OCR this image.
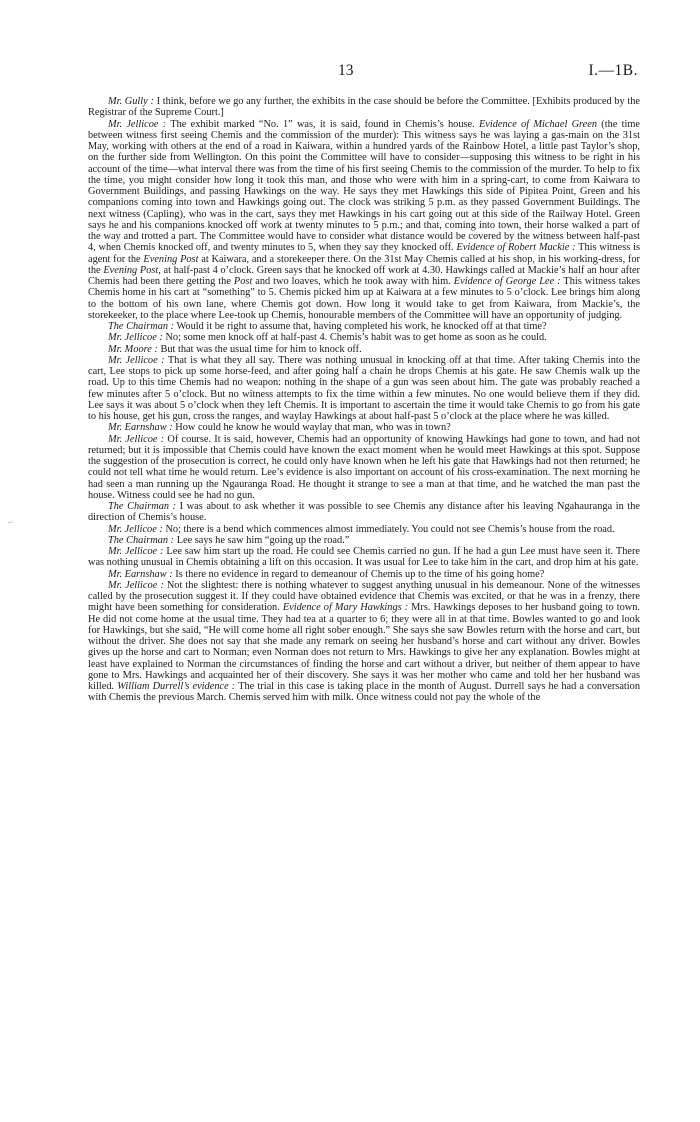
13	I.—1B.
-·

Mr. Gully : I think, before we go any further, the exhibits in the case should be before the Committee. [Exhibits produced by the Registrar of the Supreme Court.]

Mr. Jellicoe : The exhibit marked “No. 1” was, it is said, found in Chemis’s house. Evidence of Michael Green (the time between witness first seeing Chemis and the commission of the murder): This witness says he was laying a gas-main on the 31st May, working with others at the end of a road in Kaiwara, within a hundred yards of the Rainbow Hotel, a little past Taylor’s shop, on the further side from Wellington. On this point the Committee will have to consider—supposing this witness to be right in his account of the time—what interval there was from the time of his first seeing Chemis to the commission of the murder. To help to fix the time, you might consider how long it took this man, and those who were with him in a spring-cart, to come from Kaiwara to Government Buildings, and passing Hawkings on the way. He says they met Hawkings this side of Pipitea Point, Green and his companions coming into town and Hawkings going out. The clock was striking 5 p.m. as they passed Government Buildings. The next witness (Capling), who was in the cart, says they met Hawkings in his cart going out at this side of the Railway Hotel. Green says he and his companions knocked off work at twenty minutes to 5 p.m.; and that, coming into town, their horse walked a part of the way and trotted a part. The Committee would have to consider what distance would be covered by the witness between half-past 4, when Chemis knocked off, and twenty minutes to 5, when they say they knocked off. Evidence of Robert Mackie : This witness is agent for the Evening Post at Kaiwara, and a storekeeper there. On the 31st May Chemis called at his shop, in his working-dress, for the Evening Post, at half-past 4 o’clock. Green says that he knocked off work at 4.30. Hawkings called at Mackie’s half an hour after Chemis had been there getting the Post and two loaves, which he took away with him. Evidence of George Lee : This witness takes Chemis home in his cart at “something” to 5. Chemis picked him up at Kaiwara at a few minutes to 5 o’clock. Lee brings him along to the bottom of his own lane, where Chemis got down. How long it would take to get from Kaiwara, from Mackie’s, the storekeeker, to the place where Lee-took up Chemis, honourable members of the Committee will have an opportunity of judging.

The Chairman : Would it be right to assume that, having completed his work, he knocked off at that time?

Mr. Jellicoe : No; some men knock off at half-past 4. Chemis’s habit was to get home as soon as he could.

Mr. Moore : But that was the usual time for him to knock off.

Mr. Jellicoe : That is what they all say. There was nothing unusual in knocking off at that time. After taking Chemis into the cart, Lee stops to pick up some horse-feed, and after going half a chain he drops Chemis at his gate. He saw Chemis walk up the road. Up to this time Chemis had no weapon: nothing in the shape of a gun was seen about him. The gate was probably reached a few minutes after 5 o’clock. But no witness attempts to fix the time within a few minutes. No one would believe them if they did. Lee says it was about 5 o’clock when they left Chemis. It is important to ascertain the time it would take Chemis to go from his gate to his house, get his gun, cross the ranges, and waylay Hawkings at about half-past 5 o’clock at the place where he was killed.

Mr. Earnshaw : How could he know he would waylay that man, who was in town?

Mr. Jellicoe : Of course. It is said, however, Chemis had an opportunity of knowing Hawkings had gone to town, and had not returned; but it is impossible that Chemis could have known the exact moment when he would meet Hawkings at this spot. Suppose the suggestion of the prosecution is correct, he could only have known when he left his gate that Hawkings had not then returned; he could not tell what time he would return. Lee’s evidence is also important on account of his cross-examination. The next morning he had seen a man running up the Ngauranga Road. He thought it strange to see a man at that time, and he watched the man past the house. Witness could see he had no gun.

The Chairman : I was about to ask whether it was possible to see Chemis any distance after his leaving Ngahauranga in the direction of Chemis’s house.

Mr. Jellicoe : No; there is a bend which commences almost immediately. You could not see Chemis’s house from the road.

The Chairman : Lee says he saw him “going up the road.”

Mr. Jellicoe : Lee saw him start up the road. He could see Chemis carried no gun. If he had a gun Lee must have seen it. There was nothing unusual in Chemis obtaining a lift on this occasion. It was usual for Lee to take him in the cart, and drop him at his gate.

Mr. Earnshaw : Is there no evidence in regard to demeanour of Chemis up to the time of his going home?

Mr. Jellicoe : Not the slightest: there is nothing whatever to suggest anything unusual in his demeanour. None of the witnesses called by the prosecution suggest it. If they could have obtained evidence that Chemis was excited, or that he was in a frenzy, there might have been something for consideration. Evidence of Mary Hawkings : Mrs. Hawkings deposes to her husband going to town. He did not come home at the usual time. They had tea at a quarter to 6; they were all in at that time. Bowles wanted to go and look for Hawkings, but she said, “He will come home all right sober enough.” She says she saw Bowles return with the horse and cart, but without the driver. She does not say that she made any remark on seeing her husband’s horse and cart without any driver. Bowles gives up the horse and cart to Norman; even Norman does not return to Mrs. Hawkings to give her any explanation. Bowles might at least have explained to Norman the circumstances of finding the horse and cart without a driver, but neither of them appear to have gone to Mrs. Hawkings and acquainted her of their discovery. She says it was her mother who came and told her her husband was killed. William Durrell’s evidence : The trial in this case is taking place in the month of August. Durrell says he had a conversation with Chemis the previous March. Chemis served him with milk. Once witness could not pay the whole of the
